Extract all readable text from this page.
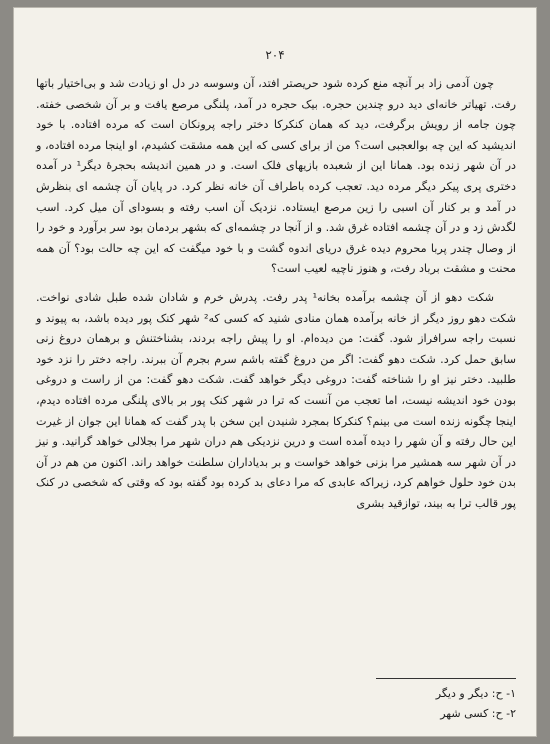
۲۰۴

چون آدمی زاد بر آنچه منع کرده شود حریصتر افتد، آن وسوسه در دل او زیادت شد و بی‌اختیار باتها رفت. تهیاتر خانه‌ای دید درو چندین حجره. بیک حجره در آمد، پلنگی مرصع یافت و بر آن شخصی خفته. چون جامه از رویش برگرفت، دید که همان کنکرکا دختر راجه پرونکان است که مرده افتاده. با خود اندیشید که این چه بوالعجبی است؟ من از برای کسی که این همه مشقت کشیدم، او اینجا مرده افتاده، و در آن شهر زنده بود. همانا این از شعبده بازیهای فلک است. و در همین اندیشه بحجرهٔ دیگر¹ در آمده دختری پری پیکر دیگر مرده دید. تعجب کرده باطراف آن خانه نظر کرد. در پایان آن چشمه ای بنظرش در آمد و بر کنار آن اسبی را زین مرصع ایستاده. نزدیک آن اسب رفته و بسودای آن میل کرد. اسب لگدش زد و در آن چشمه افتاده غرق شد. و از آنجا در چشمه‌ای که بشهر بردمان بود سر برآورد و خود را از وصال چندر پربا محروم دیده غرق دریای اندوه گشت و با خود میگفت که این چه حالت بود؟ آن همه محنت و مشقت برباد رفت، و هنوز ناچیه لعیب است؟

شکت دهو از آن چشمه برآمده بخانه¹ پدر رفت. پدرش خرم و شادان شده طبل شادی نواخت. شکت دهو روز دیگر از خانه برآمده همان منادی شنید که کسی که² شهر کنک پور دیده باشد، به پیوند و نسبت راجه سرافراز شود. گفت: من دیده‌ام. او را پیش راجه بردند، بشناختنش و برهمان دروغ زنی سابق حمل کرد. شکت دهو گفت: اگر من دروغ گفته باشم سرم بجرم آن ببرند. راجه دختر را نزد خود طلبید. دختر نیز او را شناخته گفت: دروغی دیگر خواهد گفت. شکت دهو گفت: من از راست و دروغی بودن خود اندیشه نیست، اما تعجب من آنست که ترا در شهر کنک پور بر بالای پلنگی مرده افتاده دیدم، اینجا چگونه زنده است می بینم؟ کنکرکا بمجرد شنیدن این سخن با پدر گفت که همانا این جوان از غیرت این حال رفته و آن شهر را دیده آمده است و درین نزدیکی هم دران شهر مرا بجلالی خواهد گرانید. و نیز در آن شهر سه همشیر مرا بزنی خواهد خواست و بر بدیاداران سلطنت خواهد راند. اکنون من هم در آن بدن خود حلول خواهم کرد، زیراکه عابدی که مرا دعای بد کرده بود گفته بود که وقتی که شخصی در کنک پور قالب ترا به بیند، توازقید بشری

۱- ح: دیگر و دیگر
۲- ح: کسی شهر
